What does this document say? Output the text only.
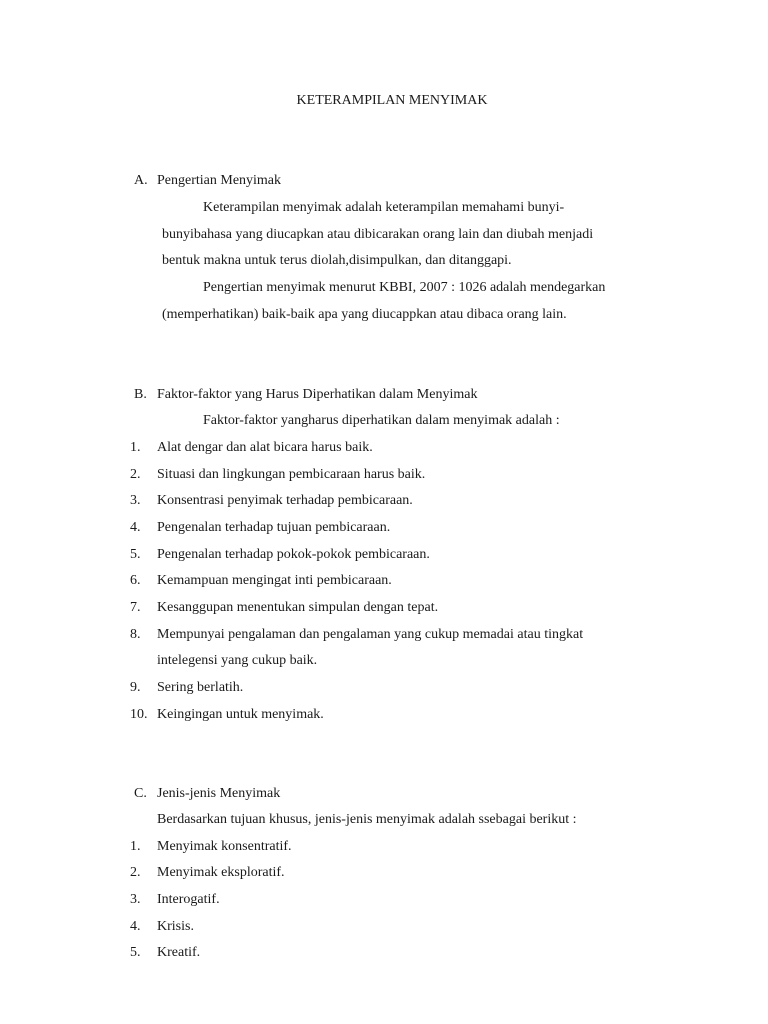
KETERAMPILAN MENYIMAK
A. Pengertian Menyimak
Keterampilan menyimak adalah keterampilan memahami bunyi-
bunyibahasa yang diucapkan atau dibicarakan orang lain dan diubah menjadi
bentuk makna untuk terus diolah,disimpulkan, dan ditanggapi.
Pengertian menyimak menurut KBBI, 2007 : 1026 adalah mendegarkan
(memperhatikan) baik-baik apa yang diucappkan atau dibaca orang lain.
B. Faktor-faktor yang Harus Diperhatikan dalam Menyimak
Faktor-faktor yangharus diperhatikan dalam menyimak adalah :
1. Alat dengar dan alat bicara harus baik.
2. Situasi dan lingkungan pembicaraan harus baik.
3. Konsentrasi penyimak terhadap pembicaraan.
4. Pengenalan terhadap tujuan pembicaraan.
5. Pengenalan terhadap pokok-pokok pembicaraan.
6. Kemampuan mengingat inti pembicaraan.
7. Kesanggupan menentukan simpulan dengan tepat.
8. Mempunyai pengalaman dan pengalaman yang cukup memadai atau tingkat
intelegensi yang cukup baik.
9. Sering berlatih.
10. Keingingan untuk menyimak.
C. Jenis-jenis Menyimak
Berdasarkan tujuan khusus, jenis-jenis menyimak adalah ssebagai berikut :
1. Menyimak konsentratif.
2. Menyimak eksploratif.
3. Interogatif.
4. Krisis.
5. Kreatif.
